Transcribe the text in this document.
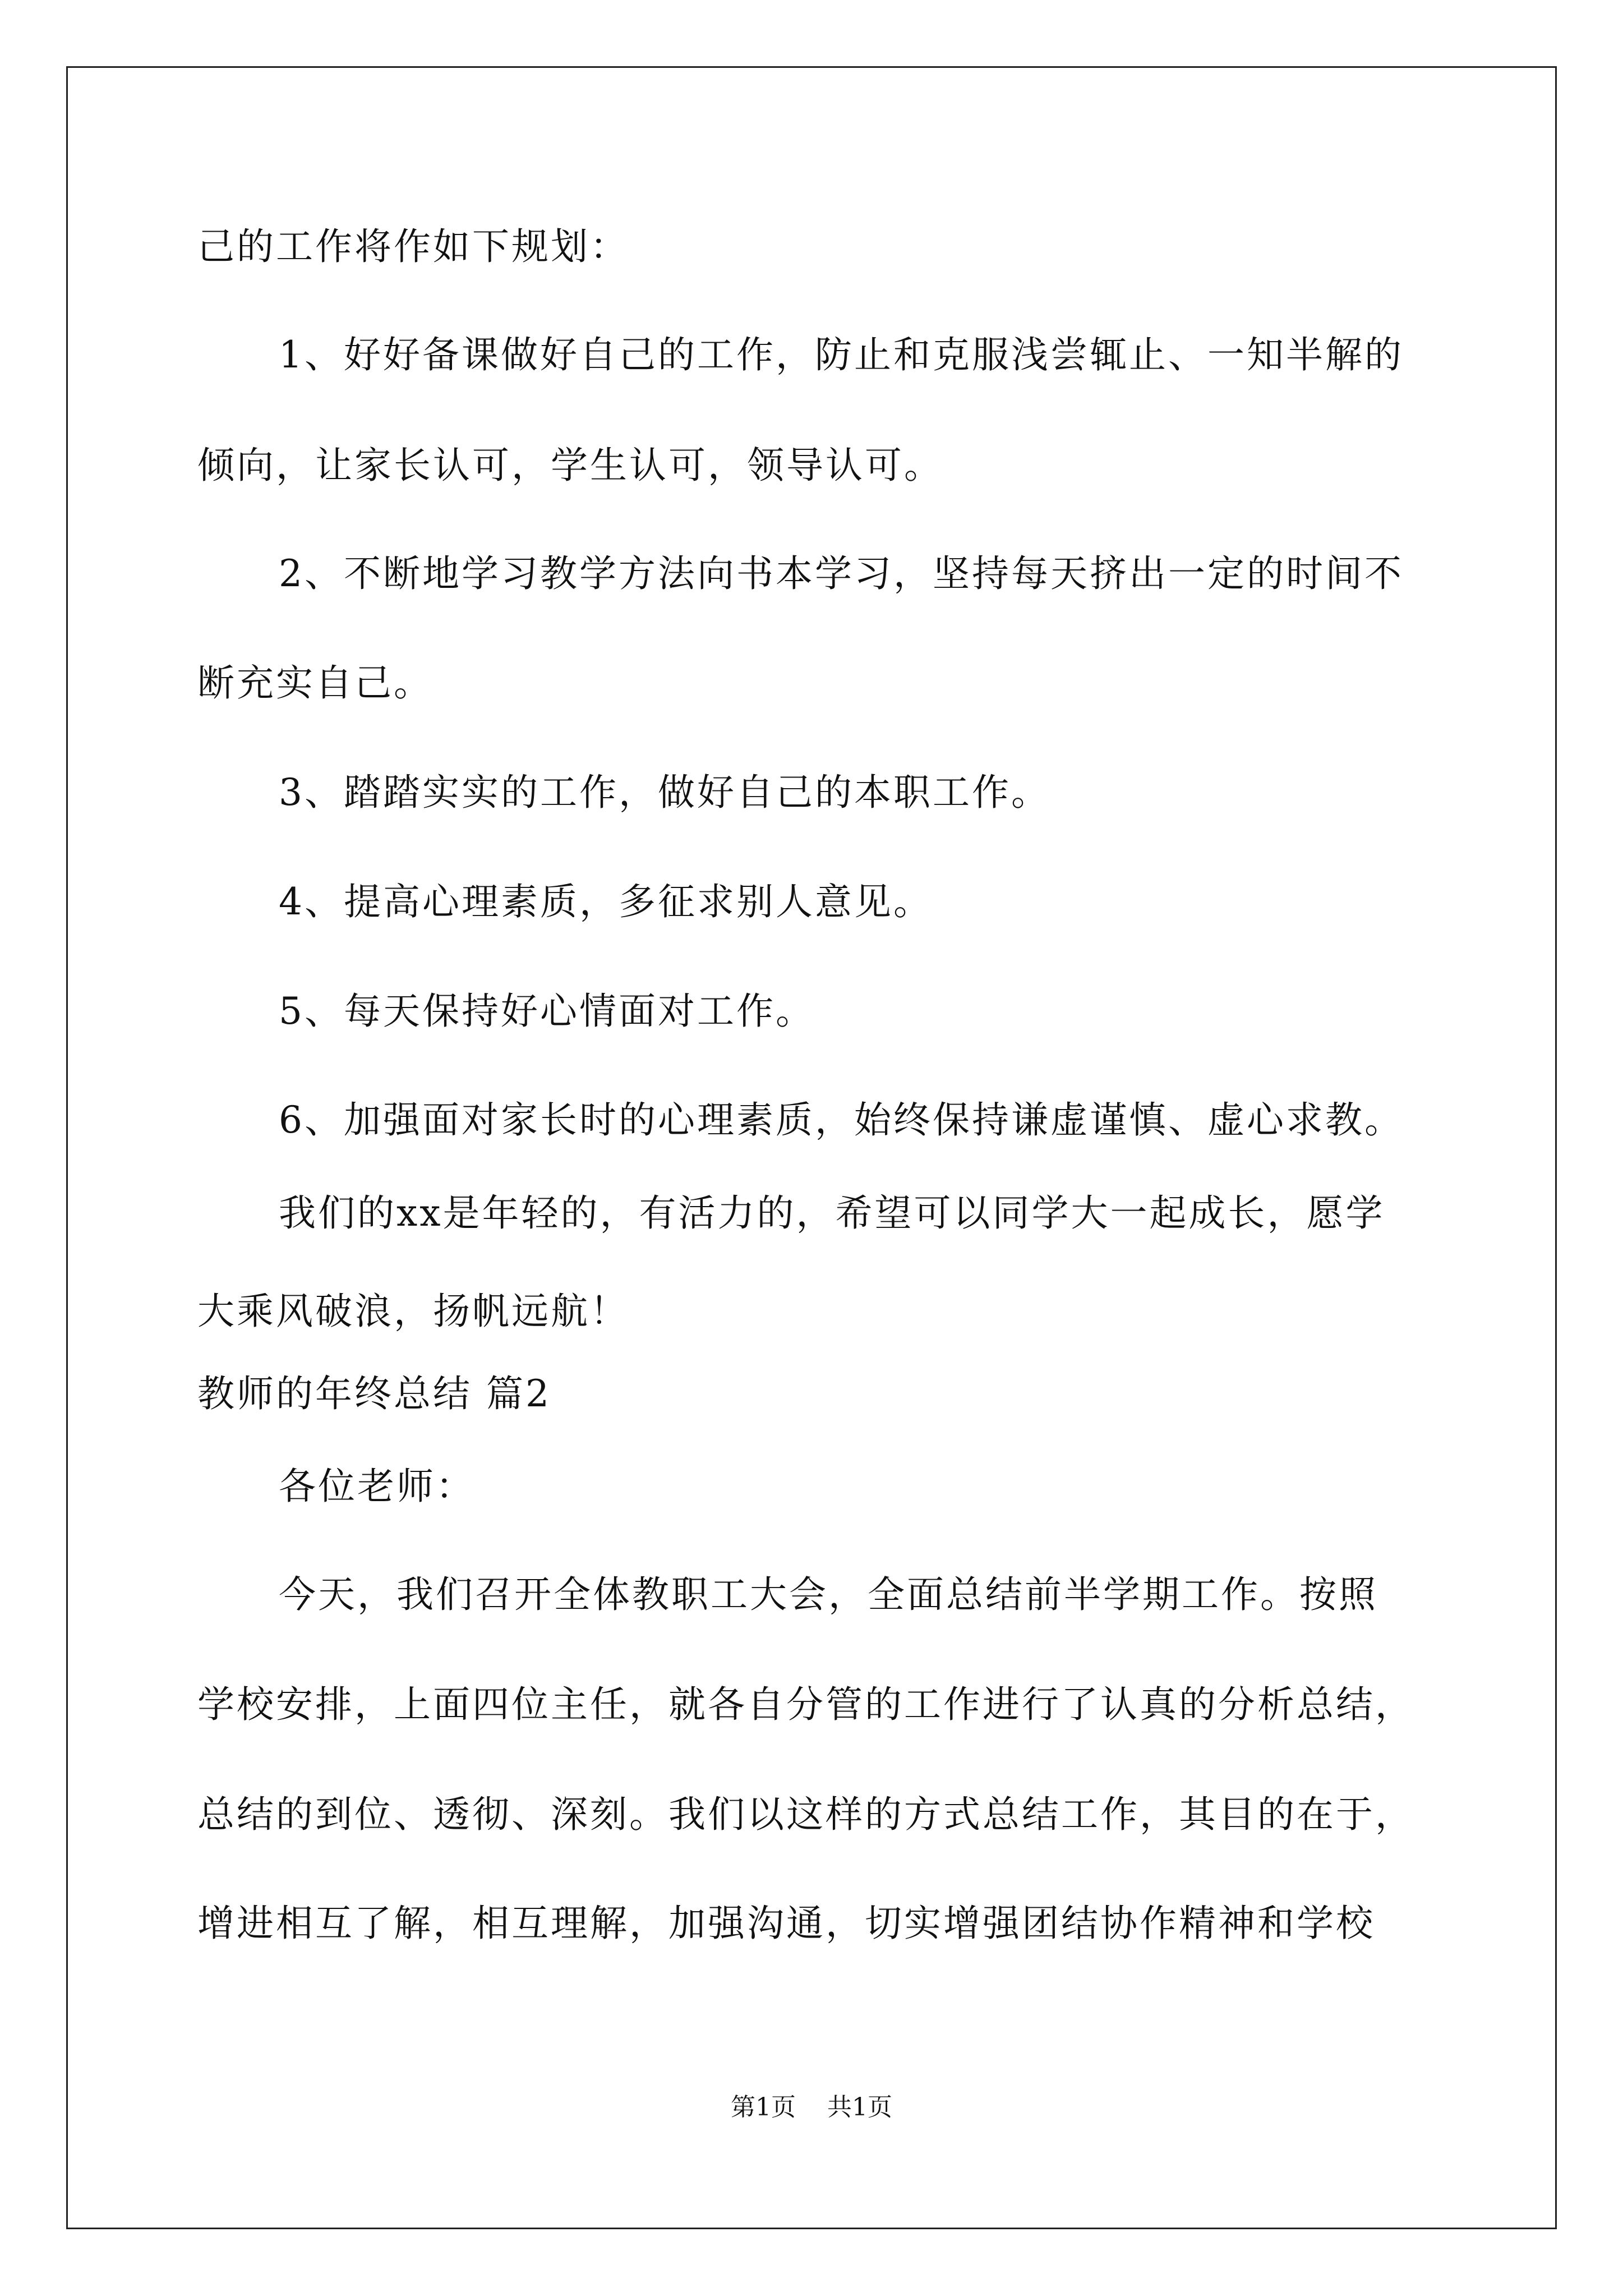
己的工作将作如下规划：
1、好好备课做好自己的工作，防止和克服浅尝辄止、一知半解的
倾向，让家长认可，学生认可，领导认可。
2、不断地学习教学方法向书本学习，坚持每天挤出一定的时间不
断充实自己。
3、踏踏实实的工作，做好自己的本职工作。
4、提高心理素质，多征求别人意见。
5、每天保持好心情面对工作。
6、加强面对家长时的心理素质，始终保持谦虚谨慎、虚心求教。
我们的xx是年轻的，有活力的，希望可以同学大一起成长，愿学
大乘风破浪，扬帆远航！
教师的年终总结 篇2
各位老师：
今天，我们召开全体教职工大会，全面总结前半学期工作。按照
学校安排，上面四位主任，就各自分管的工作进行了认真的分析总结，
总结的到位、透彻、深刻。我们以这样的方式总结工作，其目的在于，
增进相互了解，相互理解，加强沟通，切实增强团结协作精神和学校
第1页 共1页
